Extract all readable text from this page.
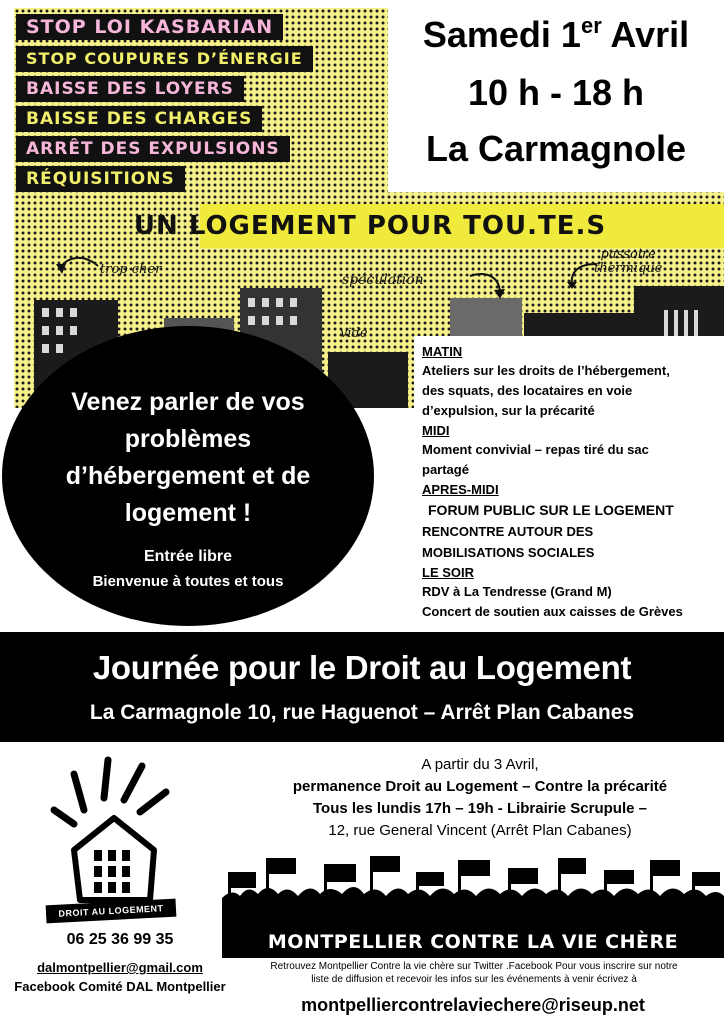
STOP LOI KASBARIAN
STOP COUPURES D’ÉNERGIE
BAISSE DES LOYERS
BAISSE DES CHARGES
ARRÊT DES EXPULSIONS
RÉQUISITIONS
UN LOGEMENT POUR TOU.TE.S
trop cher
spéculation
passoire
thermique
vide
Samedi 1er Avril
10 h - 18 h
La Carmagnole
Venez parler de vos
problèmes
d’hébergement et de
logement !
Entrée libre
Bienvenue à toutes et tous
MATIN
Ateliers sur les droits de l’hébergement,
des squats, des locataires en voie
d’expulsion, sur la précarité
MIDI
Moment convivial – repas tiré du sac
partagé
APRES-MIDI
FORUM PUBLIC SUR LE LOGEMENT
RENCONTRE AUTOUR DES
MOBILISATIONS SOCIALES
LE SOIR
RDV à La Tendresse (Grand M)
Concert de soutien aux caisses de Grèves
Journée pour le Droit au Logement
La Carmagnole 10, rue Haguenot – Arrêt Plan Cabanes
A partir du 3 Avril,
permanence Droit au Logement – Contre la précarité
Tous les lundis 17h – 19h - Librairie Scrupule –
12, rue General Vincent (Arrêt Plan Cabanes)
DROIT AU LOGEMENT
06 25 36 99 35
dalmontpellier@gmail.com
Facebook Comité DAL Montpellier
MONTPELLIER CONTRE LA VIE CHÈRE
Retrouvez Montpellier Contre la vie chère sur Twitter .Facebook Pour vous inscrire sur notre
liste de diffusion et recevoir les infos sur les événements à venir écrivez à
montpelliercontrelaviechere@riseup.net
